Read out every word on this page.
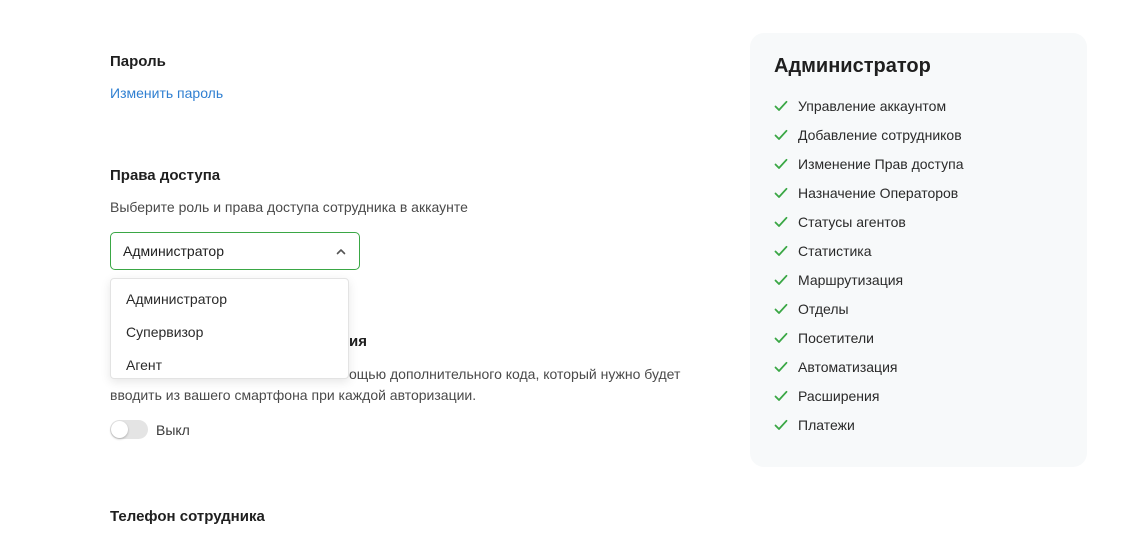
Пароль
Изменить пароль
Права доступа
Выберите роль и права доступа сотрудника в аккаунте
Администратор
ия
ощью дополнительного кода, который нужно будет
вводить из вашего смартфона при каждой авторизации.
Выкл
Телефон сотрудника
Администратор
Супервизор
Агент
Администратор
Управление аккаунтом
Добавление сотрудников
Изменение Прав доступа
Назначение Операторов
Статусы агентов
Статистика
Маршрутизация
Отделы
Посетители
Автоматизация
Расширения
Платежи
